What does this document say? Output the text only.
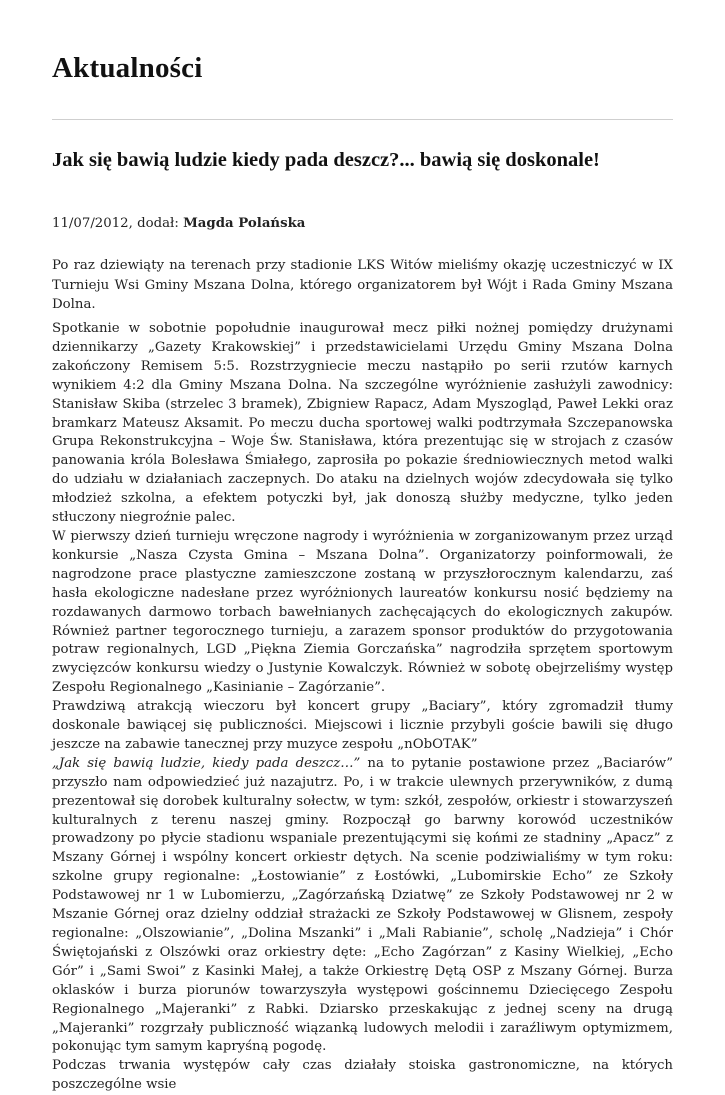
Aktualności
Jak się bawią ludzie kiedy pada deszcz?... bawią się doskonale!

11/07/2012, dodał: Magda Polańska

Po raz dziewiąty na terenach przy stadionie LKS Witów mieliśmy okazję uczestniczyć w IX Turnieju Wsi Gminy Mszana Dolna, którego organizatorem był Wójt i Rada Gminy Mszana Dolna.

Spotkanie w sobotnie popołudnie inaugurował mecz piłki nożnej pomiędzy drużynami dziennikarzy „Gazety Krakowskiej” i przedstawicielami Urzędu Gminy Mszana Dolna zakończony Remisem 5:5. Rozstrzygniecie meczu nastąpiło po serii rzutów karnych wynikiem 4:2 dla Gminy Mszana Dolna. Na szczególne wyróżnienie zasłużyli zawodnicy: Stanisław Skiba (strzelec 3 bramek), Zbigniew Rapacz, Adam Myszogląd, Paweł Lekki oraz bramkarz Mateusz Aksamit. Po meczu ducha sportowej walki podtrzymała Szczepanowska Grupa Rekonstrukcyjna – Woje Św. Stanisława, która prezentując się w strojach z czasów panowania króla Bolesława Śmiałego, zaprosiła po pokazie średniowiecznych metod walki do udziału w działaniach zaczepnych. Do ataku na dzielnych wojów zdecydowała się tylko młodzież szkolna, a efektem potyczki był, jak donoszą służby medyczne, tylko jeden stłuczony niegroźnie palec.

W pierwszy dzień turnieju wręczone nagrody i wyróżnienia w zorganizowanym przez urząd konkursie „Nasza Czysta Gmina – Mszana Dolna”. Organizatorzy poinformowali, że nagrodzone prace plastyczne zamieszczone zostaną w przyszłorocznym kalendarzu, zaś hasła ekologiczne nadesłane przez wyróżnionych laureatów konkursu nosić będziemy na rozdawanych darmowo torbach bawełnianych zachęcających do ekologicznych zakupów. Również partner tegorocznego turnieju, a zarazem sponsor produktów do przygotowania potraw regionalnych, LGD „Piękna Ziemia Gorczańska” nagrodziła sprzętem sportowym zwycięzców konkursu wiedzy o Justynie Kowalczyk. Również w sobotę obejrzeliśmy występ Zespołu Regionalnego „Kasinianie – Zagórzanie”.

Prawdziwą atrakcją wieczoru był koncert grupy „Baciary”, który zgromadził tłumy doskonale bawiącej się publiczności. Miejscowi i licznie przybyli goście bawili się długo jeszcze na zabawie tanecznej przy muzyce zespołu „nObOTAK”

„Jak się bawią ludzie, kiedy pada deszcz…” na to pytanie postawione przez „Baciarów” przyszło nam odpowiedzieć już nazajutrz. Po, i w trakcie ulewnych przerywników, z dumą prezentował się dorobek kulturalny sołectw, w tym: szkół, zespołów, orkiestr i stowarzyszeń kulturalnych z terenu naszej gminy. Rozpoczął go barwny korowód uczestników prowadzony po płycie stadionu wspaniale prezentującymi się końmi ze stadniny „Apacz” z Mszany Górnej i wspólny koncert orkiestr dętych. Na scenie podziwialiśmy w tym roku: szkolne grupy regionalne: „Łostowianie” z Łostówki, „Lubomirskie Echo” ze Szkoły Podstawowej nr 1 w Lubomierzu, „Zagórzańską Dziatwę” ze Szkoły Podstawowej nr 2 w Mszanie Górnej oraz dzielny oddział strażacki ze Szkoły Podstawowej w Glisnem, zespoły regionalne: „Olszowianie”, „Dolina Mszanki” i „Mali Rabianie”, scholę „Nadzieja” i Chór Świętojański z Olszówki oraz orkiestry dęte: „Echo Zagórzan” z Kasiny Wielkiej, „Echo Gór” i „Sami Swoi” z Kasinki Małej, a także Orkiestrę Dętą OSP z Mszany Górnej. Burza oklasków i burza piorunów towarzyszyła występowi gościnnemu Dziecięcego Zespołu Regionalnego „Majeranki” z Rabki. Dziarsko przeskakując z jednej sceny na drugą „Majeranki” rozgrzały publiczność wiązanką ludowych melodii i zaraźliwym optymizmem, pokonując tym samym kapryśną pogodę.

Podczas trwania występów cały czas działały stoiska gastronomiczne, na których poszczególne wsie
